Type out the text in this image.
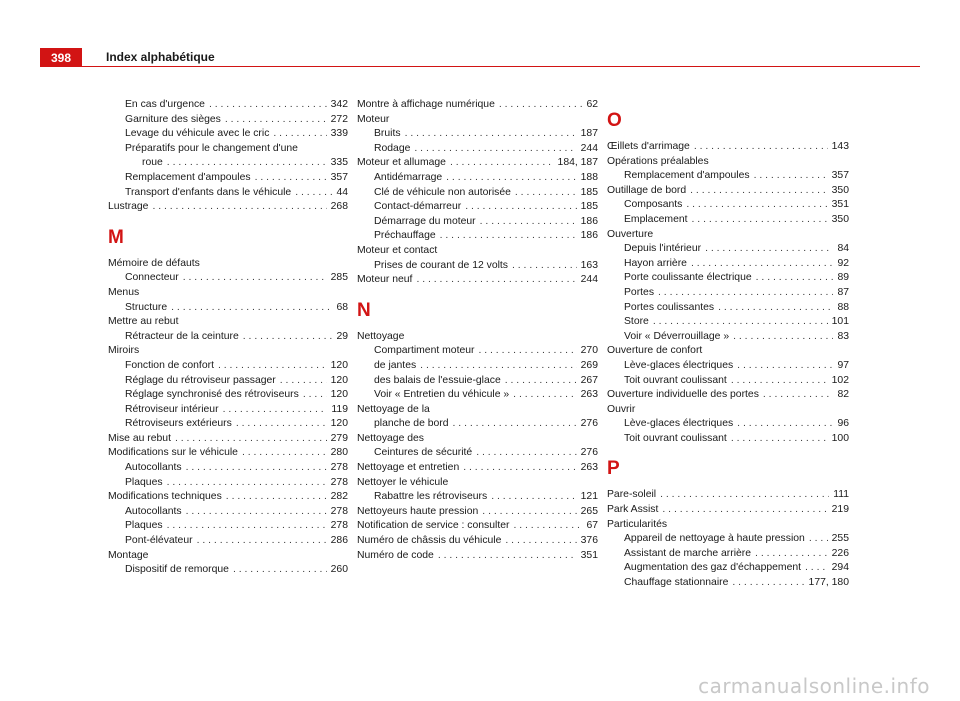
398	Index alphabétique
En cas d'urgence . . .	342
Garniture des sièges . . .	272
Levage du véhicule avec le cric . . .	339
Préparatifs pour le changement d'une
roue . . .	335
Remplacement d'ampoules . . .	357
Transport d'enfants dans le véhicule . . .	44
Lustrage . . .	268
M
Mémoire de défauts
Connecteur . . .	285
Menus
Structure . . .	68
Mettre au rebut
Rétracteur de la ceinture . . .	29
Miroirs
Fonction de confort . . .	120
Réglage du rétroviseur passager . . .	120
Réglage synchronisé des rétroviseurs . . .	120
Rétroviseur intérieur . . .	119
Rétroviseurs extérieurs . . .	120
Mise au rebut . . .	279
Modifications sur le véhicule . . .	280
Autocollants . . .	278
Plaques . . .	278
Modifications techniques . . .	282
Autocollants . . .	278
Plaques . . .	278
Pont-élévateur . . .	286
Montage
Dispositif de remorque . . .	260
Montre à affichage numérique . . .	62
Moteur
Bruits . . .	187
Rodage . . .	244
Moteur et allumage . . .	184, 187
Antidémarrage . . .	188
Clé de véhicule non autorisée . . .	185
Contact-démarreur . . .	185
Démarrage du moteur . . .	186
Préchauffage . . .	186
Moteur et contact
Prises de courant de 12 volts . . .	163
Moteur neuf . . .	244
N
Nettoyage
Compartiment moteur . . .	270
de jantes . . .	269
des balais de l'essuie-glace . . .	267
Voir « Entretien du véhicule » . . .	263
Nettoyage de la
planche de bord . . .	276
Nettoyage des
Ceintures de sécurité . . .	276
Nettoyage et entretien . . .	263
Nettoyer le véhicule
Rabattre les rétroviseurs . . .	121
Nettoyeurs haute pression . . .	265
Notification de service : consulter . . .	67
Numéro de châssis du véhicule . . .	376
Numéro de code . . .	351
O
Œillets d'arrimage . . .	143
Opérations préalables
Remplacement d'ampoules . . .	357
Outillage de bord . . .	350
Composants . . .	351
Emplacement . . .	350
Ouverture
Depuis l'intérieur . . .	84
Hayon arrière . . .	92
Porte coulissante électrique . . .	89
Portes . . .	87
Portes coulissantes . . .	88
Store . . .	101
Voir « Déverrouillage » . . .	83
Ouverture de confort
Lève-glaces électriques . . .	97
Toit ouvrant coulissant . . .	102
Ouverture individuelle des portes . . .	82
Ouvrir
Lève-glaces électriques . . .	96
Toit ouvrant coulissant . . .	100
P
Pare-soleil . . .	111
Park Assist . . .	219
Particularités
Appareil de nettoyage à haute pression . . .	255
Assistant de marche arrière . . .	226
Augmentation des gaz d'échappement . . .	294
Chauffage stationnaire . . .	177, 180
carmanualsonline.info
